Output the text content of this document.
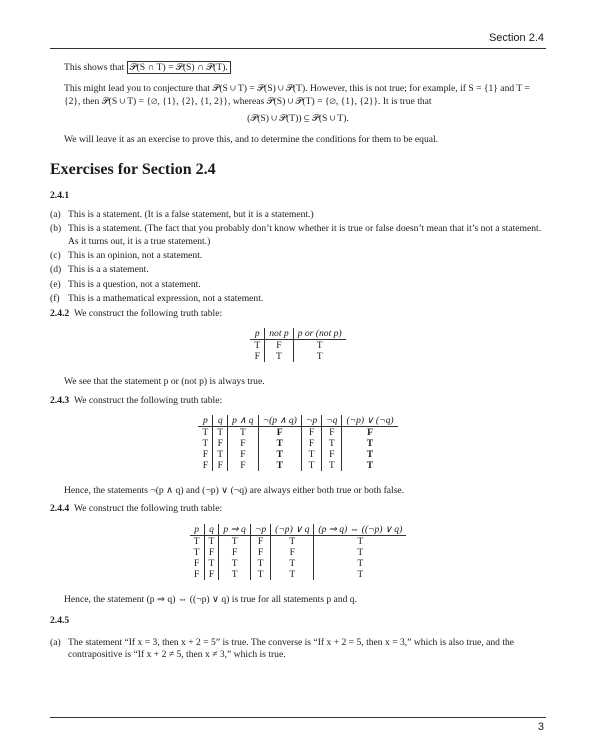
Section 2.4

This shows that 𝒫(S ∩ T) = 𝒫(S) ∩ 𝒫(T).

This might lead you to conjecture that 𝒫(S ∪ T) = 𝒫(S) ∪ 𝒫(T). However, this is not true; for example, if S = {1} and T = {2}, then 𝒫(S ∪ T) = {∅, {1}, {2}, {1, 2}}, whereas 𝒫(S) ∪ 𝒫(T) = {∅, {1}, {2}}. It is true that

(𝒫(S) ∪ 𝒫(T)) ⊆ 𝒫(S ∪ T).

We will leave it as an exercise to prove this, and to determine the conditions for them to be equal.

Exercises for Section 2.4

2.4.1

(a) This is a statement. (It is a false statement, but it is a statement.)
(b) This is a statement. (The fact that you probably don’t know whether it is true or false doesn’t mean that it’s not a statement. As it turns out, it is a true statement.)
(c) This is an opinion, not a statement.
(d) This is a a statement.
(e) This is a question, not a statement.
(f) This is a mathematical expression, not a statement.

2.4.2 We construct the following truth table:

p	not p	p or (not p)
T	F	T
F	T	T

We see that the statement p or (not p) is always true.

2.4.3 We construct the following truth table:

p	q	p ∧ q	¬(p ∧ q)	¬p	¬q	(¬p) ∨ (¬q)
T	T	T	F	F	F	F
T	F	F	T	F	T	T
F	T	F	T	T	F	T
F	F	F	T	T	T	T

Hence, the statements ¬(p ∧ q) and (¬p) ∨ (¬q) are always either both true or both false.

2.4.4 We construct the following truth table:

p	q	p ⇒ q	¬p	(¬p) ∨ q	(p ⇒ q) ⇔ ((¬p) ∨ q)
T	T	T	F	T	T
T	F	F	F	F	T
F	T	T	T	T	T
F	F	T	T	T	T

Hence, the statement (p ⇒ q) ⇔ ((¬p) ∨ q) is true for all statements p and q.

2.4.5

(a) The statement “If x = 3, then x + 2 = 5” is true. The converse is “If x + 2 = 5, then x = 3,” which is also true, and the contrapositive is “If x + 2 ≠ 5, then x ≠ 3,” which is true.
3
